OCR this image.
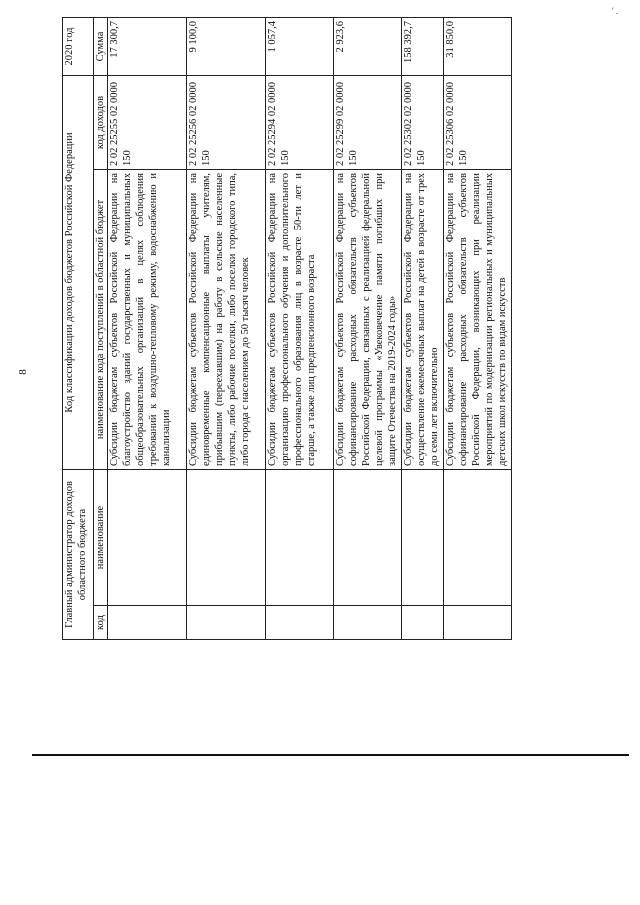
8
' .
Главный администратор доходов областного бюджета		Код классификации доходов бюджетов Российской Федерации		2020 год
код	наименование	наименование кода поступлений в областной бюджет	код доходов	Сумма
		Субсидии бюджетам субъектов Российской Федерации на благоустройство зданий государственных и муниципальных общеобразовательных организаций в целях соблюдения требований к воздушно-тепловому режиму, водоснабжению и канализации	2 02 25255 02 0000 150	17 300,7
		Субсидии бюджетам субъектов Российской Федерации на единовременные компенсационные выплаты учителям, прибывшим (переехавшим) на работу в сельские населенные пункты, либо рабочие поселки, либо поселки городского типа, либо города с населением до 50 тысяч человек	2 02 25256 02 0000 150	9 100,0
		Субсидии бюджетам субъектов Российской Федерации на организацию профессионального обучения и дополнительного профессионального образования лиц в возрасте 50-ти лет и старше, а также лиц предпенсионного возраста	2 02 25294 02 0000 150	1 057,4
		Субсидии бюджетам субъектов Российской Федерации на софинансирование расходных обязательств субъектов Российской Федерации, связанных с реализацией федеральной целевой программы «Увековечение памяти погибших при защите Отечества на 2019-2024 годы»	2 02 25299 02 0000 150	2 923,6
		Субсидии бюджетам субъектов Российской Федерации на осуществление ежемесячных выплат на детей в возрасте от трех до семи лет включительно	2 02 25302 02 0000 150	158 392,7
		Субсидии бюджетам субъектов Российской Федерации на софинансирование расходных обязательств субъектов Российской Федерации, возникающих при реализации мероприятий по модернизации региональных и муниципальных детских школ искусств по видам искусств	2 02 25306 02 0000 150	31 850,0
